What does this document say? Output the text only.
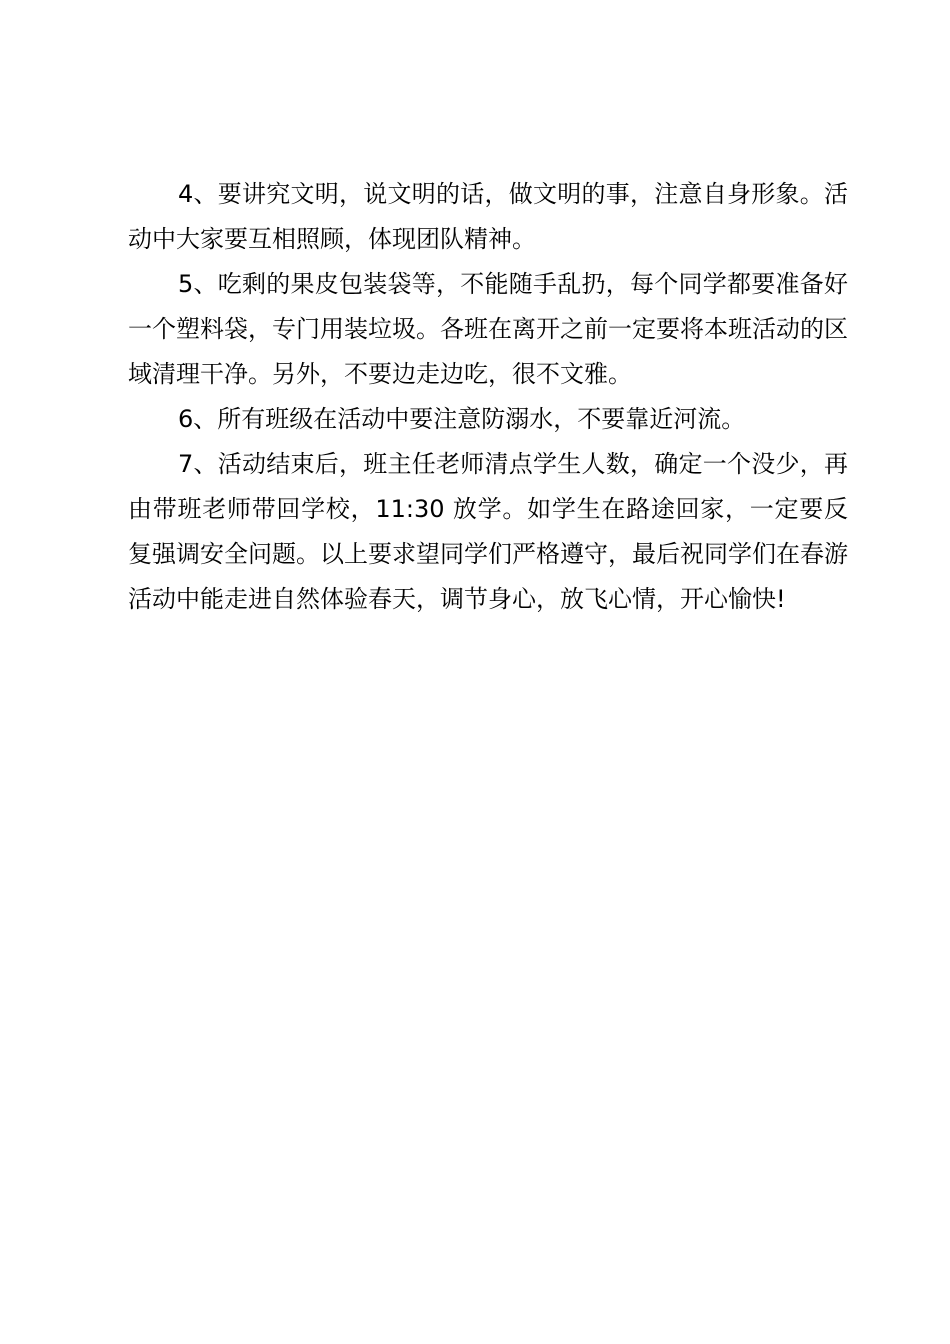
4、要讲究文明，说文明的话，做文明的事，注意自身形象。活动中大家要互相照顾，体现团队精神。

5、吃剩的果皮包装袋等，不能随手乱扔，每个同学都要准备好一个塑料袋，专门用装垃圾。各班在离开之前一定要将本班活动的区域清理干净。另外，不要边走边吃，很不文雅。

6、所有班级在活动中要注意防溺水，不要靠近河流。

7、活动结束后，班主任老师清点学生人数，确定一个没少，再由带班老师带回学校，11:30 放学。如学生在路途回家，一定要反复强调安全问题。以上要求望同学们严格遵守，最后祝同学们在春游活动中能走进自然体验春天，调节身心，放飞心情，开心愉快!
